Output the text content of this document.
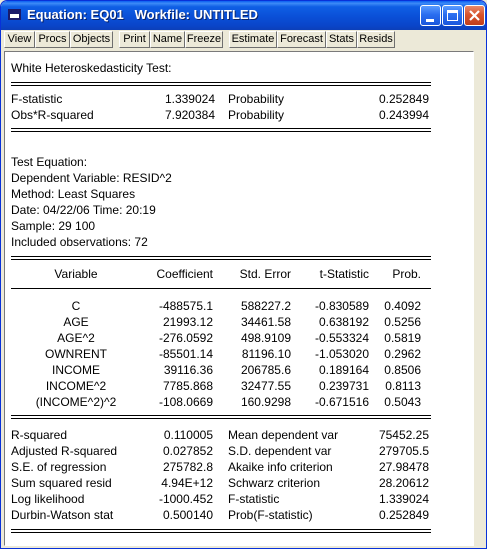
Equation: EQ01   Workfile: UNTITLED
View Procs Objects	Print Name Freeze Estimate Forecast Stats Resids
White Heteroskedasticity Test:
F-statistic	1.339024 Probability	0.252849
Obs*R-squared	7.920384 Probability	0.243994
Test Equation:
Dependent Variable: RESID^2
Method: Least Squares
Date: 04/22/06 Time: 20:19
Sample: 29 100
Included observations: 72
Variable	Coefficient	Std. Error	t-Statistic	Prob.
C	-488575.1	588227.2	-0.830589	0.4092
AGE	21993.12	34461.58	0.638192	0.5256
AGE^2	-276.0592	498.9109	-0.553324	0.5819
OWNRENT	-85501.14	81196.10	-1.053020	0.2962
INCOME	39116.36	206785.6	0.189164	0.8506
INCOME^2	7785.868	32477.55	0.239731	0.8113
(INCOME^2)^2	-108.0669	160.9298	-0.671516	0.5043
R-squared	0.110005 Mean dependent var	75452.25
Adjusted R-squared	0.027852 S.D. dependent var	279705.5
S.E. of regression	275782.8 Akaike info criterion	27.98478
Sum squared resid	4.94E+12 Schwarz criterion	28.20612
Log likelihood	-1000.452 F-statistic	1.339024
Durbin-Watson stat	0.500140 Prob(F-statistic)	0.252849
